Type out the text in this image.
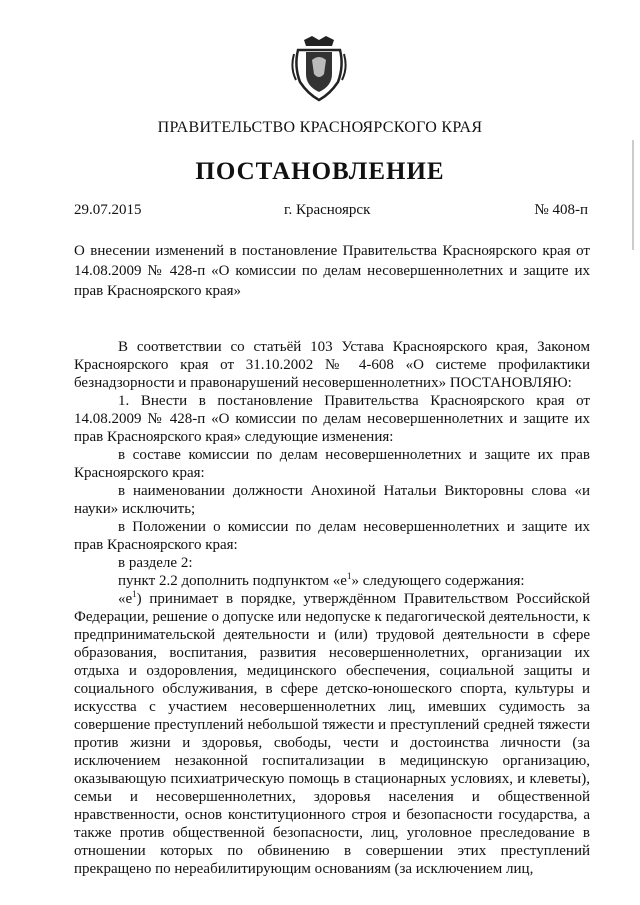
ПРАВИТЕЛЬСТВО КРАСНОЯРСКОГО КРАЯ
ПОСТАНОВЛЕНИЕ
29.07.2015	г. Красноярск	№ 408-п
О внесении изменений в постановление Правительства Красноярского края от 14.08.2009 № 428-п «О комиссии по делам несовершеннолетних и защите их прав Красноярского края»

В соответствии со статьёй 103 Устава Красноярского края, Законом Красноярского края от 31.10.2002 № 4-608 «О системе профилактики безнадзорности и правонарушений несовершеннолетних» ПОСТАНОВЛЯЮ:

1. Внести в постановление Правительства Красноярского края от 14.08.2009 № 428-п «О комиссии по делам несовершеннолетних и защите их прав Красноярского края» следующие изменения:

в составе комиссии по делам несовершеннолетних и защите их прав Красноярского края:

в наименовании должности Анохиной Натальи Викторовны слова «и науки» исключить;

в Положении о комиссии по делам несовершеннолетних и защите их прав Красноярского края:

в разделе 2:

пункт 2.2 дополнить подпунктом «$е^1$» следующего содержания:

«$е^1$) принимает в порядке, утверждённом Правительством Российской Федерации, решение о допуске или недопуске к педагогической деятельности, к предпринимательской деятельности и (или) трудовой деятельности в сфере образования, воспитания, развития несовершеннолетних, организации их отдыха и оздоровления, медицинского обеспечения, социальной защиты и социального обслуживания, в сфере детско-юношеского спорта, культуры и искусства с участием несовершеннолетних лиц, имевших судимость за совершение преступлений небольшой тяжести и преступлений средней тяжести против жизни и здоровья, свободы, чести и достоинства личности (за исключением незаконной госпитализации в медицинскую организацию, оказывающую психиатрическую помощь в стационарных условиях, и клеветы), семьи и несовершеннолетних, здоровья населения и общественной нравственности, основ конституционного строя и безопасности государства, а также против общественной безопасности, лиц, уголовное преследование в отношении которых по обвинению в совершении этих преступлений прекращено по нереабилитирующим основаниям (за исключением лиц,
